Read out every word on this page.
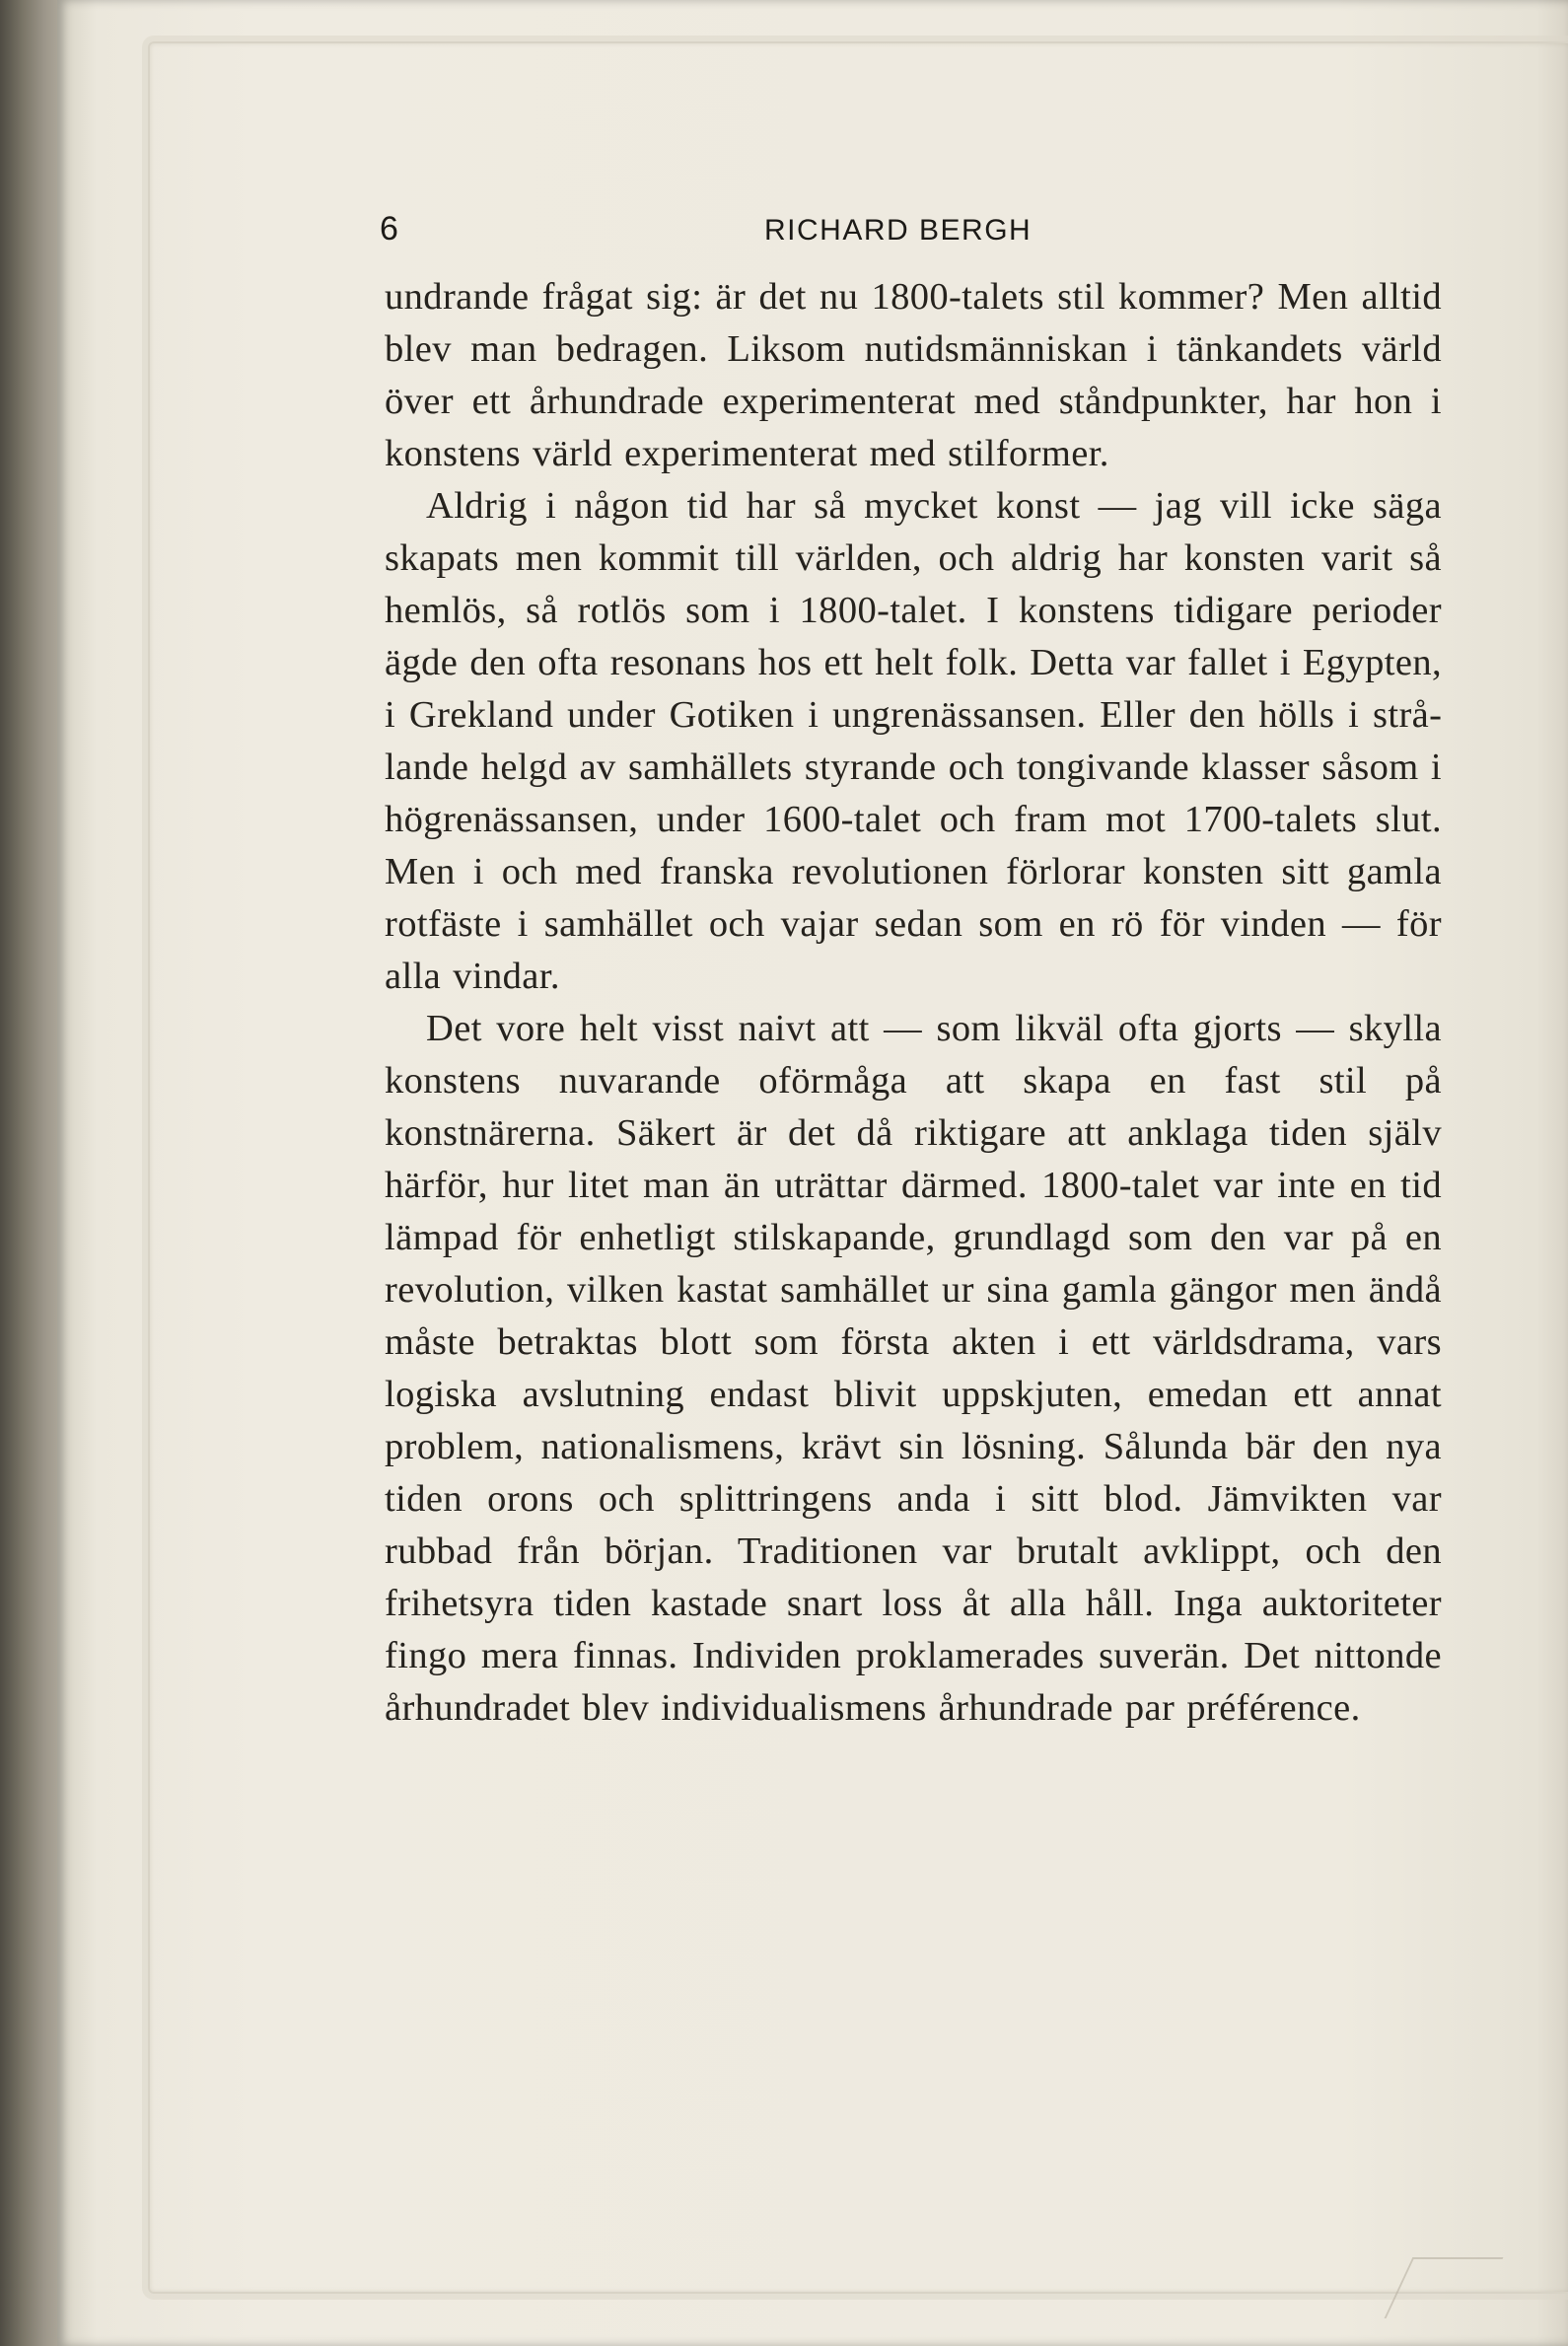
6	RICHARD BERGH

undrande frågat sig: är det nu 1800-talets stil kommer? Men alltid blev man bedragen. Liksom nutidsmänniskan i tänkandets värld över ett århundrade experimenterat med ståndpunkter, har hon i konstens värld experimenterat med stilformer.

Aldrig i någon tid har så mycket konst — jag vill icke säga skapats men kommit till världen, och aldrig har konsten varit så hemlös, så rotlös som i 1800-talet. I konstens tidigare perioder ägde den ofta resonans hos ett helt folk. Detta var fallet i Egypten, i Grekland under Gotiken i ungrenässansen. Eller den hölls i strålande helgd av samhällets styrande och tongivande klasser såsom i högrenässansen, under 1600-talet och fram mot 1700-talets slut. Men i och med franska revolutionen förlorar konsten sitt gamla rotfäste i samhället och vajar sedan som en rö för vinden — för alla vindar.

Det vore helt visst naivt att — som likväl ofta gjorts — skylla konstens nuvarande oförmåga att skapa en fast stil på konstnärerna. Säkert är det då riktigare att anklaga tiden själv härför, hur litet man än uträttar därmed. 1800-talet var inte en tid lämpad för enhetligt stilskapande, grundlagd som den var på en revolution, vilken kastat samhället ur sina gamla gängor men ändå måste betraktas blott som första akten i ett världsdrama, vars logiska avslutning endast blivit uppskjuten, emedan ett annat problem, nationalismens, krävt sin lösning. Sålunda bär den nya tiden orons och splittringens anda i sitt blod. Jämvikten var rubbad från början. Traditionen var brutalt avklippt, och den frihetsyra tiden kastade snart loss åt alla håll. Inga auktoriteter fingo mera finnas. Individen proklamerades suverän. Det nittonde århundradet blev individualismens århundrade par préférence.
